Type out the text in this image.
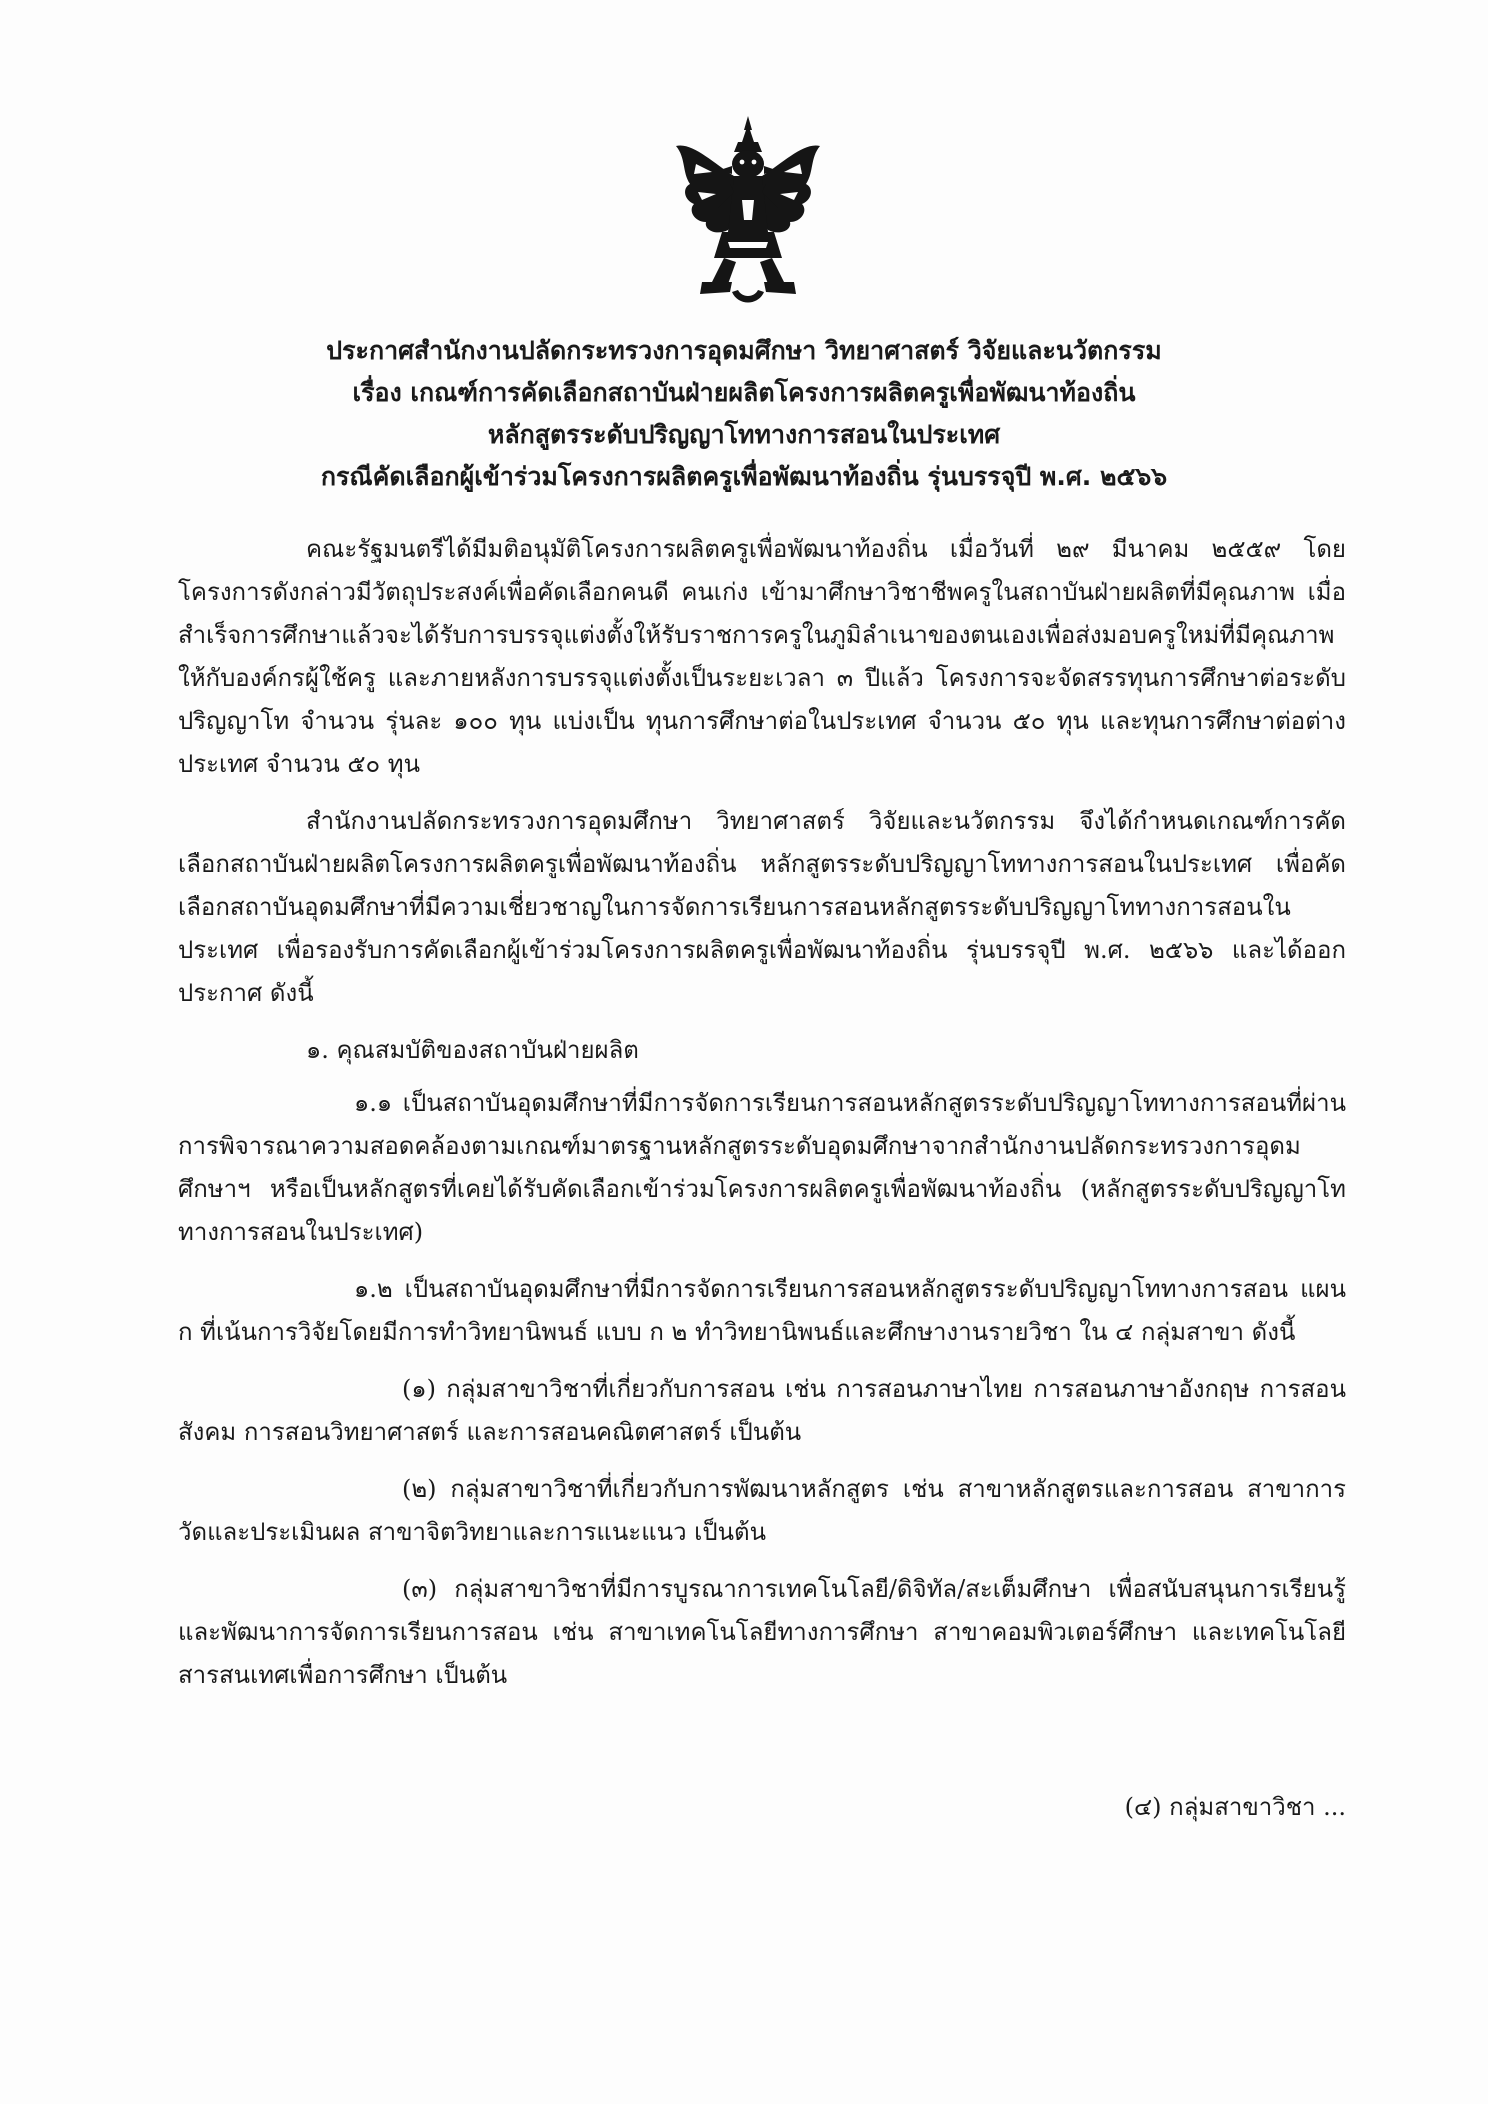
ประกาศสำนักงานปลัดกระทรวงการอุดมศึกษา วิทยาศาสตร์ วิจัยและนวัตกรรม
เรื่อง เกณฑ์การคัดเลือกสถาบันฝ่ายผลิตโครงการผลิตครูเพื่อพัฒนาท้องถิ่น
หลักสูตรระดับปริญญาโททางการสอนในประเทศ
กรณีคัดเลือกผู้เข้าร่วมโครงการผลิตครูเพื่อพัฒนาท้องถิ่น รุ่นบรรจุปี พ.ศ. ๒๕๖๖

คณะรัฐมนตรีได้มีมติอนุมัติโครงการผลิตครูเพื่อพัฒนาท้องถิ่น เมื่อวันที่ ๒๙ มีนาคม ๒๕๕๙ โดยโครงการดังกล่าวมีวัตถุประสงค์เพื่อคัดเลือกคนดี คนเก่ง เข้ามาศึกษาวิชาชีพครูในสถาบันฝ่ายผลิตที่มีคุณภาพ เมื่อสำเร็จการศึกษาแล้วจะได้รับการบรรจุแต่งตั้งให้รับราชการครูในภูมิลำเนาของตนเองเพื่อส่งมอบครูใหม่ที่มีคุณภาพให้กับองค์กรผู้ใช้ครู และภายหลังการบรรจุแต่งตั้งเป็นระยะเวลา ๓ ปีแล้ว โครงการจะจัดสรรทุนการศึกษาต่อระดับปริญญาโท จำนวน รุ่นละ ๑๐๐ ทุน แบ่งเป็น ทุนการศึกษาต่อในประเทศ จำนวน ๕๐ ทุน และทุนการศึกษาต่อต่างประเทศ จำนวน ๕๐ ทุน

สำนักงานปลัดกระทรวงการอุดมศึกษา วิทยาศาสตร์ วิจัยและนวัตกรรม จึงได้กำหนดเกณฑ์การคัดเลือกสถาบันฝ่ายผลิตโครงการผลิตครูเพื่อพัฒนาท้องถิ่น หลักสูตรระดับปริญญาโททางการสอนในประเทศ เพื่อคัดเลือกสถาบันอุดมศึกษาที่มีความเชี่ยวชาญในการจัดการเรียนการสอนหลักสูตรระดับปริญญาโททางการสอนในประเทศ เพื่อรองรับการคัดเลือกผู้เข้าร่วมโครงการผลิตครูเพื่อพัฒนาท้องถิ่น รุ่นบรรจุปี พ.ศ. ๒๕๖๖ และได้ออกประกาศ ดังนี้

๑. คุณสมบัติของสถาบันฝ่ายผลิต

๑.๑ เป็นสถาบันอุดมศึกษาที่มีการจัดการเรียนการสอนหลักสูตรระดับปริญญาโททางการสอนที่ผ่านการพิจารณาความสอดคล้องตามเกณฑ์มาตรฐานหลักสูตรระดับอุดมศึกษาจากสำนักงานปลัดกระทรวงการอุดมศึกษาฯ หรือเป็นหลักสูตรที่เคยได้รับคัดเลือกเข้าร่วมโครงการผลิตครูเพื่อพัฒนาท้องถิ่น (หลักสูตรระดับปริญญาโททางการสอนในประเทศ)

๑.๒ เป็นสถาบันอุดมศึกษาที่มีการจัดการเรียนการสอนหลักสูตรระดับปริญญาโททางการสอน แผน ก ที่เน้นการวิจัยโดยมีการทำวิทยานิพนธ์ แบบ ก ๒ ทำวิทยานิพนธ์และศึกษางานรายวิชา ใน ๔ กลุ่มสาขา ดังนี้

(๑) กลุ่มสาขาวิชาที่เกี่ยวกับการสอน เช่น การสอนภาษาไทย การสอนภาษาอังกฤษ การสอนสังคม การสอนวิทยาศาสตร์ และการสอนคณิตศาสตร์ เป็นต้น

(๒) กลุ่มสาขาวิชาที่เกี่ยวกับการพัฒนาหลักสูตร เช่น สาขาหลักสูตรและการสอน สาขาการวัดและประเมินผล สาขาจิตวิทยาและการแนะแนว เป็นต้น

(๓) กลุ่มสาขาวิชาที่มีการบูรณาการเทคโนโลยี/ดิจิทัล/สะเต็มศึกษา เพื่อสนับสนุนการเรียนรู้และพัฒนาการจัดการเรียนการสอน เช่น สาขาเทคโนโลยีทางการศึกษา สาขาคอมพิวเตอร์ศึกษา และเทคโนโลยีสารสนเทศเพื่อการศึกษา เป็นต้น

(๔) กลุ่มสาขาวิชา ...
